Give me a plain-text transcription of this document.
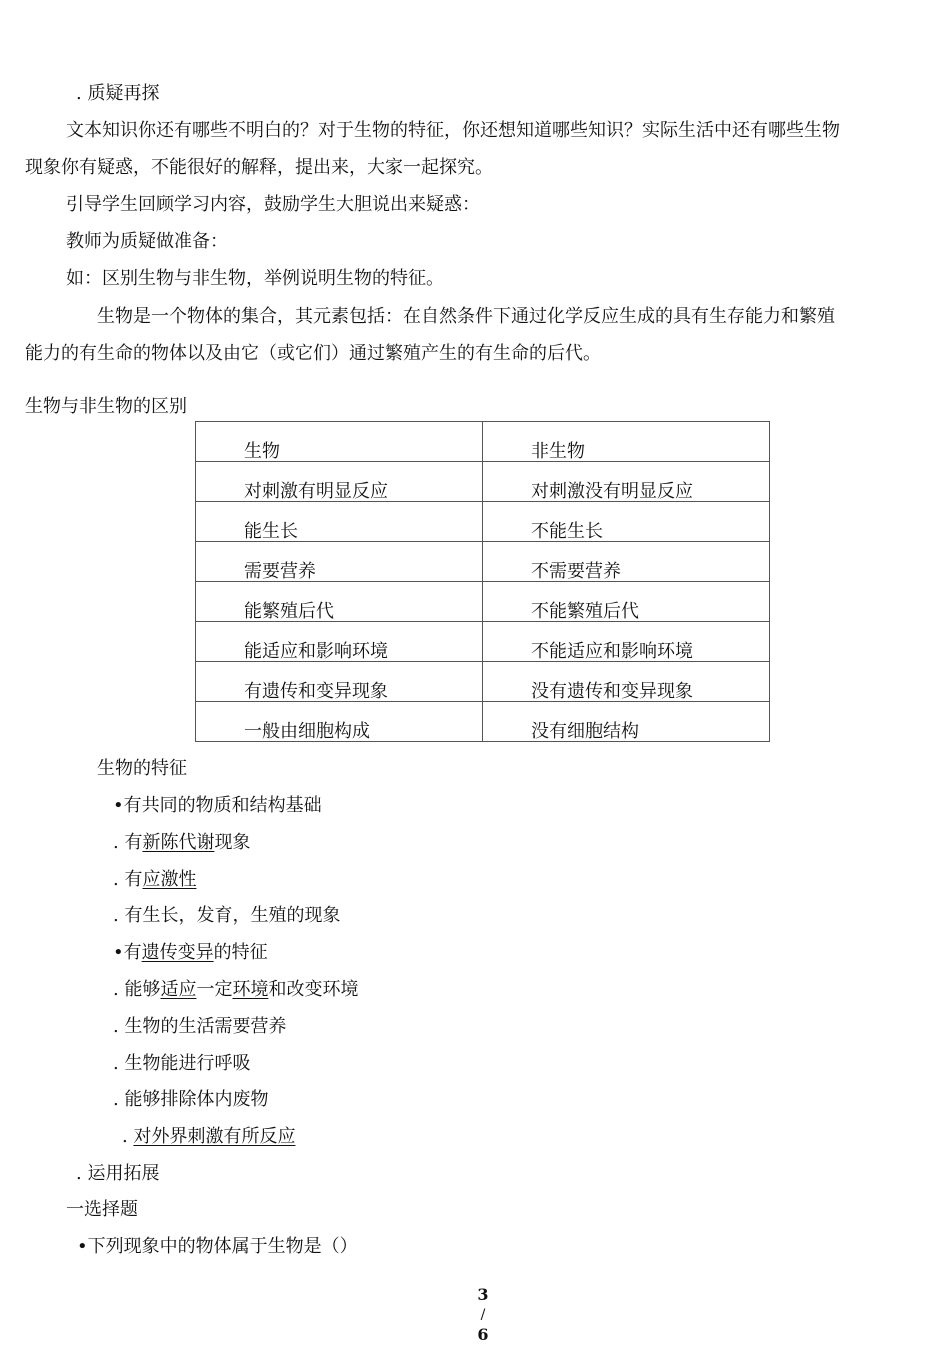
. 质疑再探
文本知识你还有哪些不明白的？对于生物的特征，你还想知道哪些知识？实际生活中还有哪些生物
现象你有疑惑，不能很好的解释，提出来，大家一起探究。
引导学生回顾学习内容，鼓励学生大胆说出来疑惑：
教师为质疑做准备：
如：区别生物与非生物，举例说明生物的特征。
生物是一个物体的集合，其元素包括：在自然条件下通过化学反应生成的具有生存能力和繁殖
能力的有生命的物体以及由它（或它们）通过繁殖产生的有生命的后代。
生物与非生物的区别
生物	非生物

对刺激有明显反应	对刺激没有明显反应

能生长	不能生长

需要营养	不需要营养

能繁殖后代	不能繁殖后代

能适应和影响环境	不能适应和影响环境

有遗传和变异现象	没有遗传和变异现象

一般由细胞构成	没有细胞结构
生物的特征
•有共同的物质和结构基础
. 有新陈代谢现象
. 有应激性
. 有生长，发育，生殖的现象
•有遗传变异的特征
. 能够适应一定环境和改变环境
. 生物的生活需要营养
. 生物能进行呼吸
. 能够排除体内废物
. 对外界刺激有所反应
. 运用拓展
一选择题
•下列现象中的物体属于生物是（）
3
/
6
